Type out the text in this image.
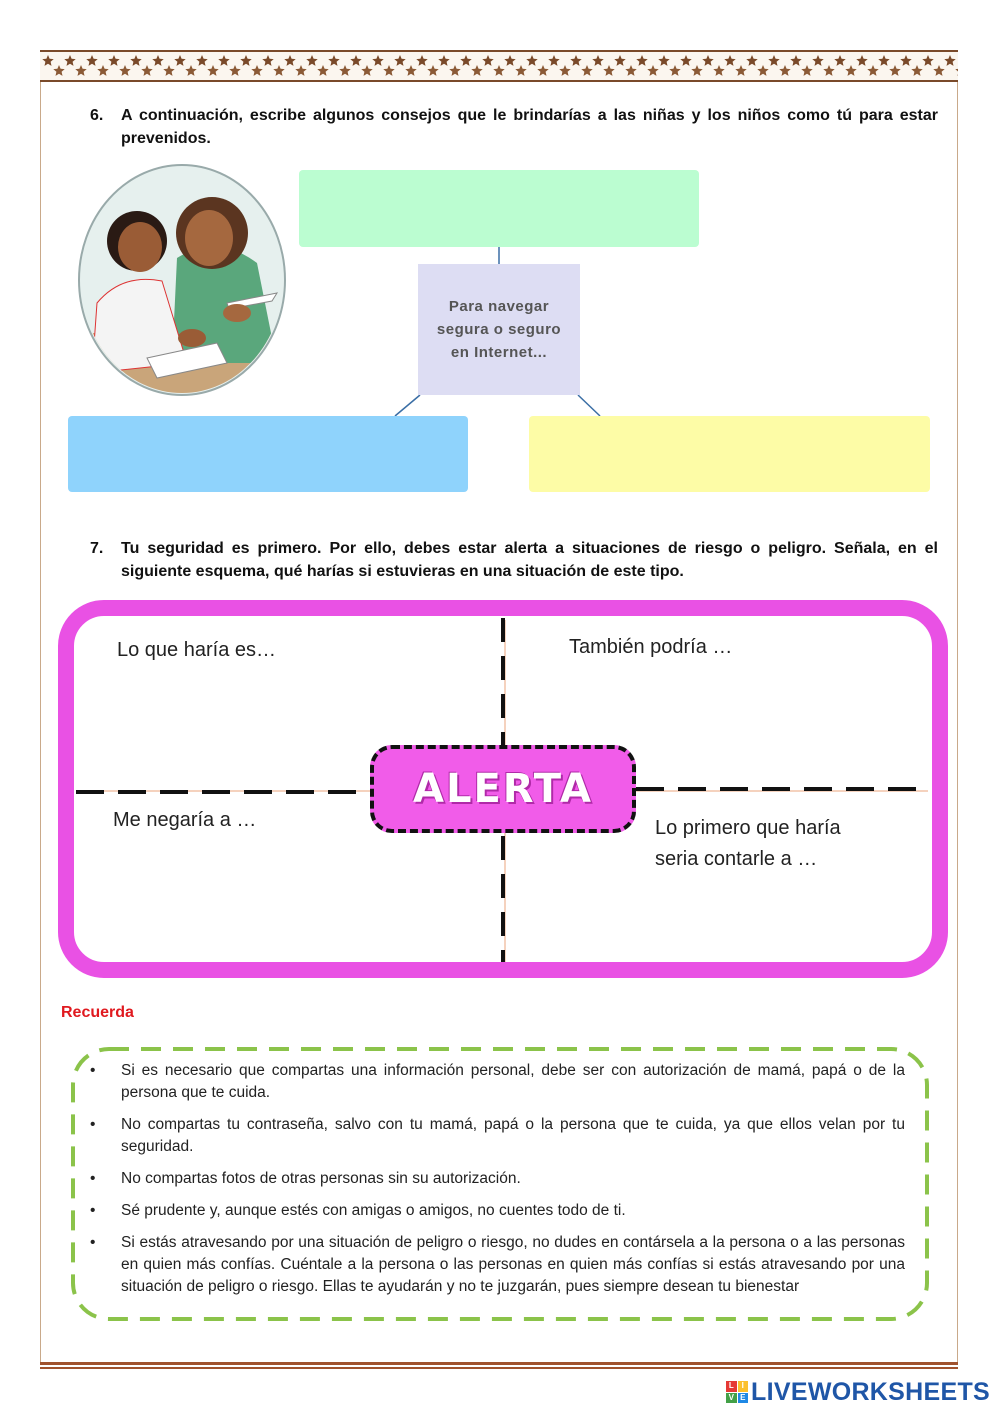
6.	A continuación, escribe algunos consejos que le brindarías a las niñas y los niños como tú para estar prevenidos.
Para navegar segura o seguro en Internet...
7.	Tu seguridad es primero. Por ello, debes estar alerta a situaciones de riesgo o peligro. Señala, en el siguiente esquema, qué harías si estuvieras en una situación de este tipo.
ALERTA
Lo que haría es…	También podría …
Me negaría a …	Lo primero que haría
seria contarle a …
Recuerda
• Si es necesario que compartas una información personal, debe ser con autorización de mamá, papá o de la persona que te cuida.
• No compartas tu contraseña, salvo con tu mamá, papá o la persona que te cuida, ya que ellos velan por tu seguridad.
• No compartas fotos de otras personas sin su autorización.
• Sé prudente y, aunque estés con amigas o amigos, no cuentes todo de ti.
• Si estás atravesando por una situación de peligro o riesgo, no dudes en contársela a la persona o a las personas en quien más confías. Cuéntale a la persona o las personas en quien más confías si estás atravesando por una situación de peligro o riesgo. Ellas te ayudarán y no te juzgarán, pues siempre desean tu bienestar
L I
V E LIVEWORKSHEETS
